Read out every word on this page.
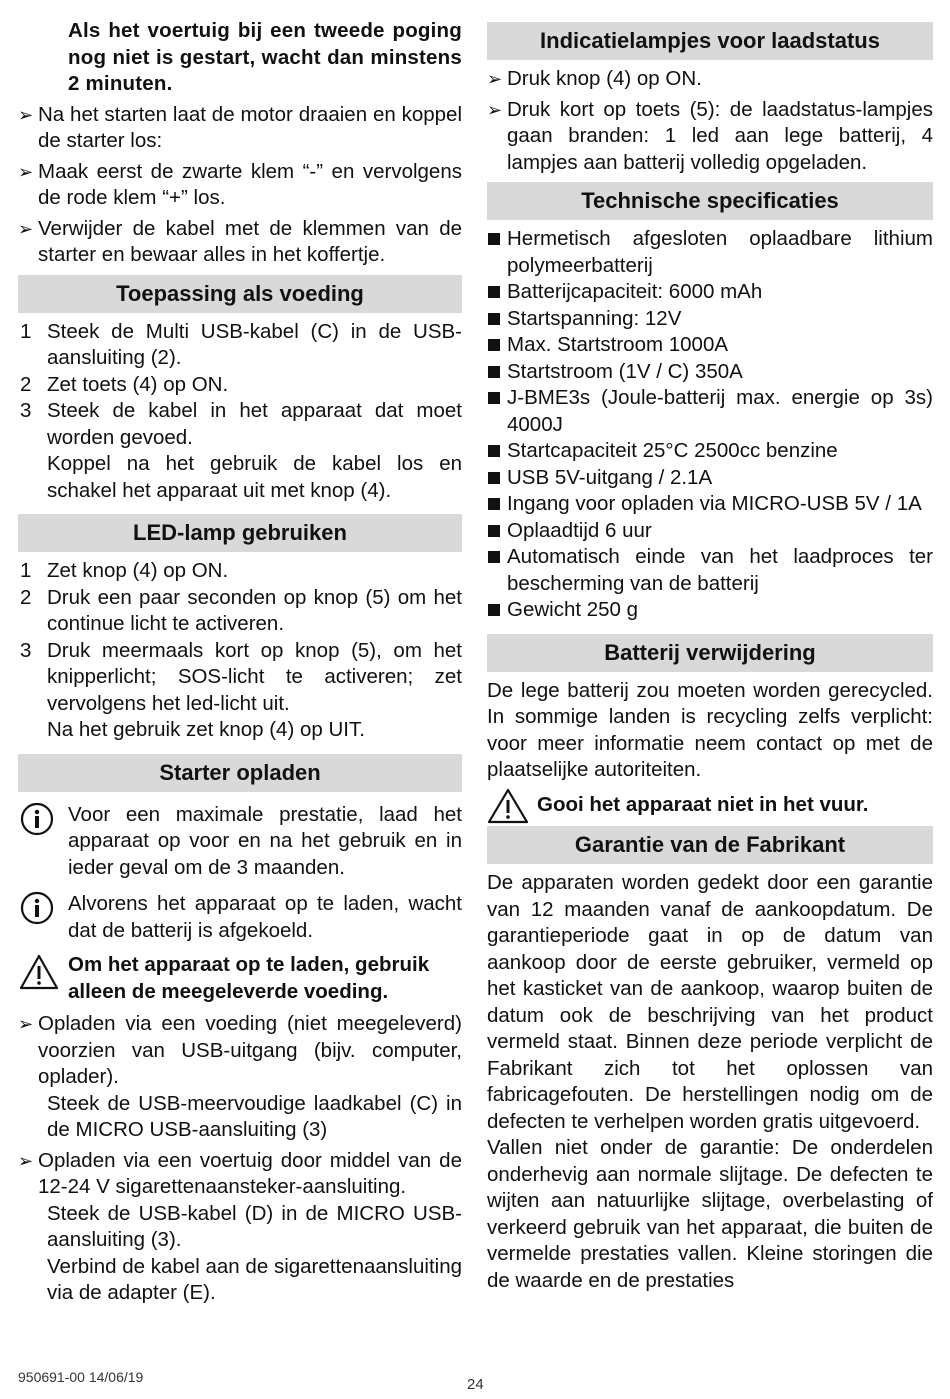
Als het voertuig bij een tweede poging nog niet is gestart, wacht dan minstens 2 minuten.
➢ Na het starten laat de motor draaien en koppel de starter los:
➢ Maak eerst de zwarte klem “-” en vervolgens de rode klem “+” los.
➢ Verwijder de kabel met de klemmen van de starter en bewaar alles in het koffertje.
Toepassing als voeding
1 Steek de Multi USB-kabel (C) in de USB-aansluiting (2).
2 Zet toets (4) op ON.
3 Steek de kabel in het apparaat dat moet worden gevoed.
Koppel na het gebruik de kabel los en schakel het apparaat uit met knop (4).
LED-lamp gebruiken
1 Zet knop (4) op ON.
2 Druk een paar seconden op knop (5) om het continue licht te activeren.
3 Druk meermaals kort op knop (5), om het knipperlicht; SOS-licht te activeren; zet vervolgens het led-licht uit.
Na het gebruik zet knop (4) op UIT.
Starter opladen
Voor een maximale prestatie, laad het apparaat op voor en na het gebruik en in ieder geval om de 3 maanden.
Alvorens het apparaat op te laden, wacht dat de batterij is afgekoeld.
Om het apparaat op te laden, gebruik alleen de meegeleverde voeding.
➢ Opladen via een voeding (niet meegeleverd) voorzien van USB-uitgang (bijv. computer, oplader).
Steek de USB-meervoudige laadkabel (C) in de MICRO USB-aansluiting (3)
➢ Opladen via een voertuig door middel van de 12-24 V sigarettenaansteker-aansluiting.
Steek de USB-kabel (D) in de MICRO USB-aansluiting (3).
Verbind de kabel aan de sigarettenaansluiting via de adapter (E).
Indicatielampjes voor laadstatus
➢ Druk knop (4) op ON.
➢ Druk kort op toets (5): de laadstatus-lampjes gaan branden: 1 led aan lege batterij, 4 lampjes aan batterij volledig opgeladen.
Technische specificaties
Hermetisch afgesloten oplaadbare lithium polymeerbatterij
Batterijcapaciteit: 6000 mAh
Startspanning: 12V
Max. Startstroom 1000A
Startstroom (1V / C) 350A
J-BME3s (Joule-batterij max. energie op 3s) 4000J
Startcapaciteit 25°C 2500cc benzine
USB 5V-uitgang / 2.1A
Ingang voor opladen via MICRO-USB 5V / 1A
Oplaadtijd 6 uur
Automatisch einde van het laadproces ter bescherming van de batterij
Gewicht 250 g
Batterij verwijdering
De lege batterij zou moeten worden gerecycled. In sommige landen is recycling zelfs verplicht: voor meer informatie neem contact op met de plaatselijke autoriteiten.
Gooi het apparaat niet in het vuur.
Garantie van de Fabrikant
De apparaten worden gedekt door een garantie van 12 maanden vanaf de aankoopdatum. De garantieperiode gaat in op de datum van aankoop door de eerste gebruiker, vermeld op het kasticket van de aankoop, waarop buiten de datum ook de beschrijving van het product vermeld staat. Binnen deze periode verplicht de Fabrikant zich tot het oplossen van fabricagefouten. De herstellingen nodig om de defecten te verhelpen worden gratis uitgevoerd.
Vallen niet onder de garantie: De onderdelen onderhevig aan normale slijtage. De defecten te wijten aan natuurlijke slijtage, overbelasting of verkeerd gebruik van het apparaat, die buiten de vermelde prestaties vallen. Kleine storingen die de waarde en de prestaties
950691-00 14/06/19	24
